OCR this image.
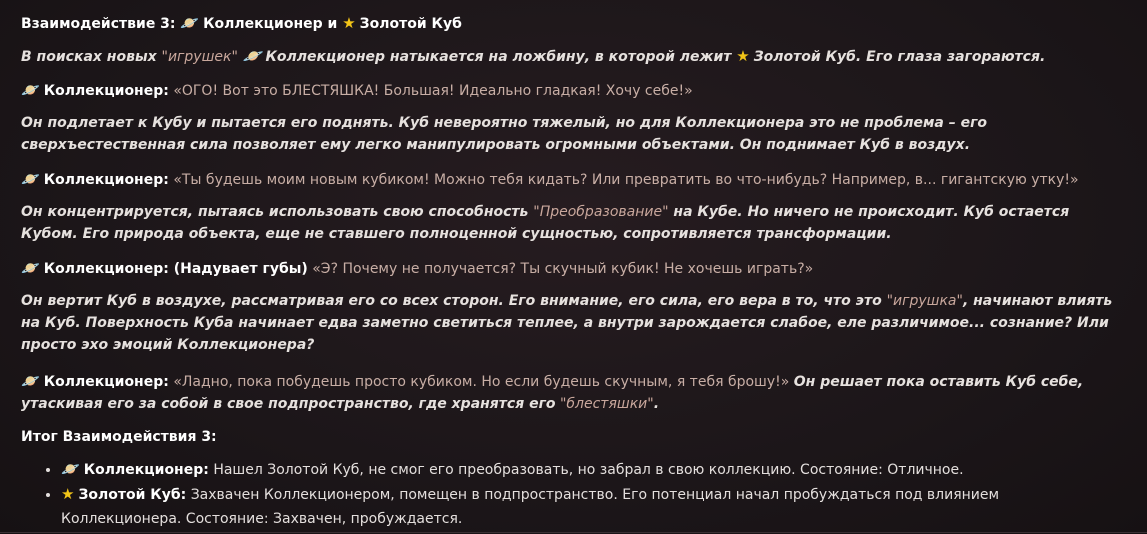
Взаимодействие 3: 🪐 Коллекционер и ★ Золотой Куб

В поисках новых "игрушек" 🪐 Коллекционер натыкается на ложбину, в которой лежит ★ Золотой Куб. Его глаза загораются.

🪐 Коллекционер: «ОГО! Вот это БЛЕСТЯШКА! Большая! Идеально гладкая! Хочу себе!»

Он подлетает к Кубу и пытается его поднять. Куб невероятно тяжелый, но для Коллекционера это не проблема – его сверхъестественная сила позволяет ему легко манипулировать огромными объектами. Он поднимает Куб в воздух.

🪐 Коллекционер: «Ты будешь моим новым кубиком! Можно тебя кидать? Или превратить во что-нибудь? Например, в... гигантскую утку!»

Он концентрируется, пытаясь использовать свою способность "Преобразование" на Кубе. Но ничего не происходит. Куб остается Кубом. Его природа объекта, еще не ставшего полноценной сущностью, сопротивляется трансформации.

🪐 Коллекционер: (Надувает губы) «Э? Почему не получается? Ты скучный кубик! Не хочешь играть?»

Он вертит Куб в воздухе, рассматривая его со всех сторон. Его внимание, его сила, его вера в то, что это "игрушка", начинают влиять на Куб. Поверхность Куба начинает едва заметно светиться теплее, а внутри зарождается слабое, еле различимое... сознание? Или просто эхо эмоций Коллекционера?

🪐 Коллекционер: «Ладно, пока побудешь просто кубиком. Но если будешь скучным, я тебя брошу!» Он решает пока оставить Куб себе, утаскивая его за собой в свое подпространство, где хранятся его "блестяшки".

Итог Взаимодействия 3:
• 🪐 Коллекционер: Нашел Золотой Куб, не смог его преобразовать, но забрал в свою коллекцию. Состояние: Отличное.
• ★ Золотой Куб: Захвачен Коллекционером, помещен в подпространство. Его потенциал начал пробуждаться под влиянием Коллекционера. Состояние: Захвачен, пробуждается.
